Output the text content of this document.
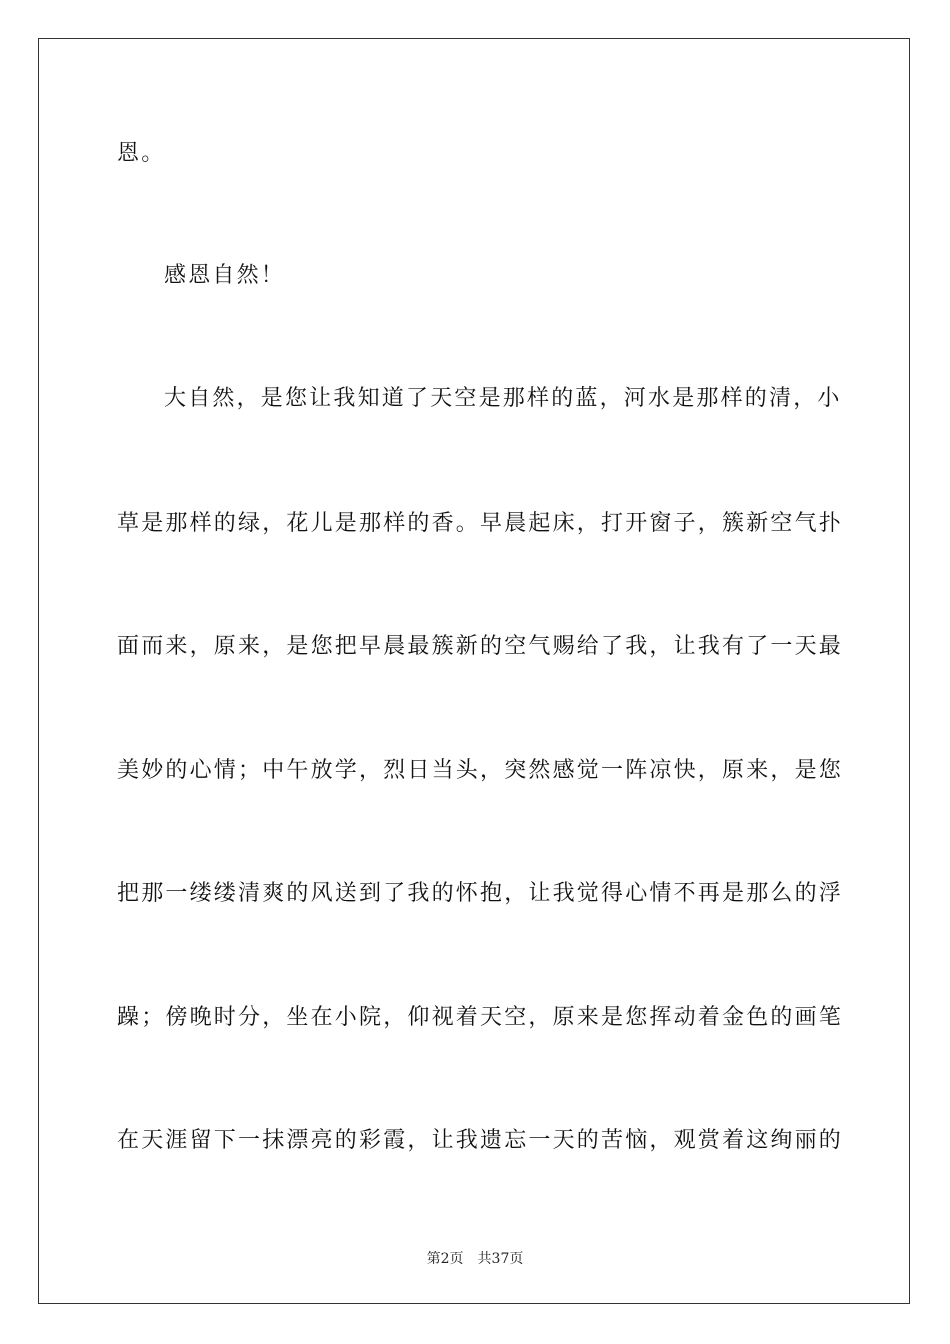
恩。
感恩自然！
大自然，是您让我知道了天空是那样的蓝，河水是那样的清，小
草是那样的绿，花儿是那样的香。早晨起床，打开窗子，簇新空气扑
面而来，原来，是您把早晨最簇新的空气赐给了我，让我有了一天最
美妙的心情；中午放学，烈日当头，突然感觉一阵凉快，原来，是您
把那一缕缕清爽的风送到了我的怀抱，让我觉得心情不再是那么的浮
躁；傍晚时分，坐在小院，仰视着天空，原来是您挥动着金色的画笔
在天涯留下一抹漂亮的彩霞，让我遗忘一天的苦恼，观赏着这绚丽的
第2页 共37页
